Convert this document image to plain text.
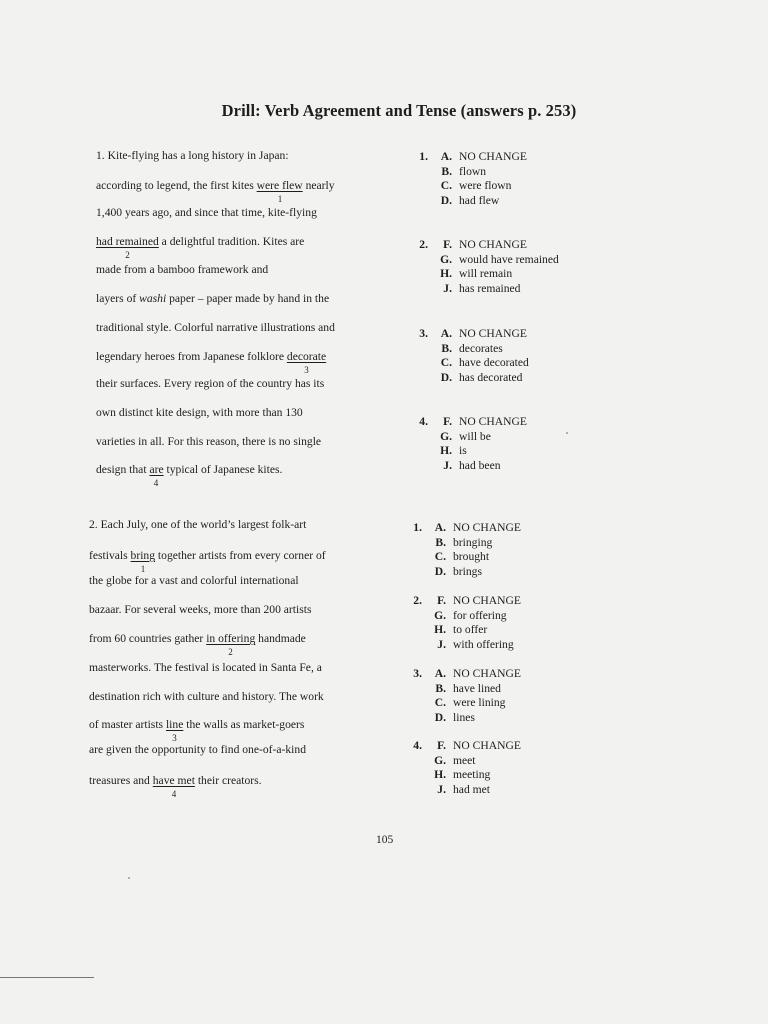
Drill: Verb Agreement and Tense (answers p. 253)
1. Kite-flying has a long history in Japan:
according to legend, the first kites were flew nearly
1
1,400 years ago, and since that time, kite-flying
had remained a delightful tradition. Kites are
2
made from a bamboo framework and
layers of washi paper – paper made by hand in the
traditional style. Colorful narrative illustrations and
legendary heroes from Japanese folklore decorate
3
their surfaces. Every region of the country has its
own distinct kite design, with more than 130
varieties in all. For this reason, there is no single
design that are typical of Japanese kites.
4
2. Each July, one of the world’s largest folk-art
festivals bring together artists from every corner of
1
the globe for a vast and colorful international
bazaar. For several weeks, more than 200 artists
from 60 countries gather in offering handmade
2
masterworks. The festival is located in Santa Fe, a
destination rich with culture and history. The work
of master artists line the walls as market-goers
3
are given the opportunity to find one-of-a-kind
treasures and have met their creators.
4
1.	A. NO CHANGE
B. flown
C. were flown
D. had flew
2.	F. NO CHANGE
G. would have remained
H. will remain
J. has remained
3.	A. NO CHANGE
B. decorates
C. have decorated
D. has decorated
4.	F. NO CHANGE
G. will be
H. is
J. had been
1.	A. NO CHANGE
B. bringing
C. brought
D. brings
2.	F. NO CHANGE
G. for offering
H. to offer
J. with offering
3.	A. NO CHANGE
B. have lined
C. were lining
D. lines
4.	F. NO CHANGE
G. meet
H. meeting
J. had met
105
